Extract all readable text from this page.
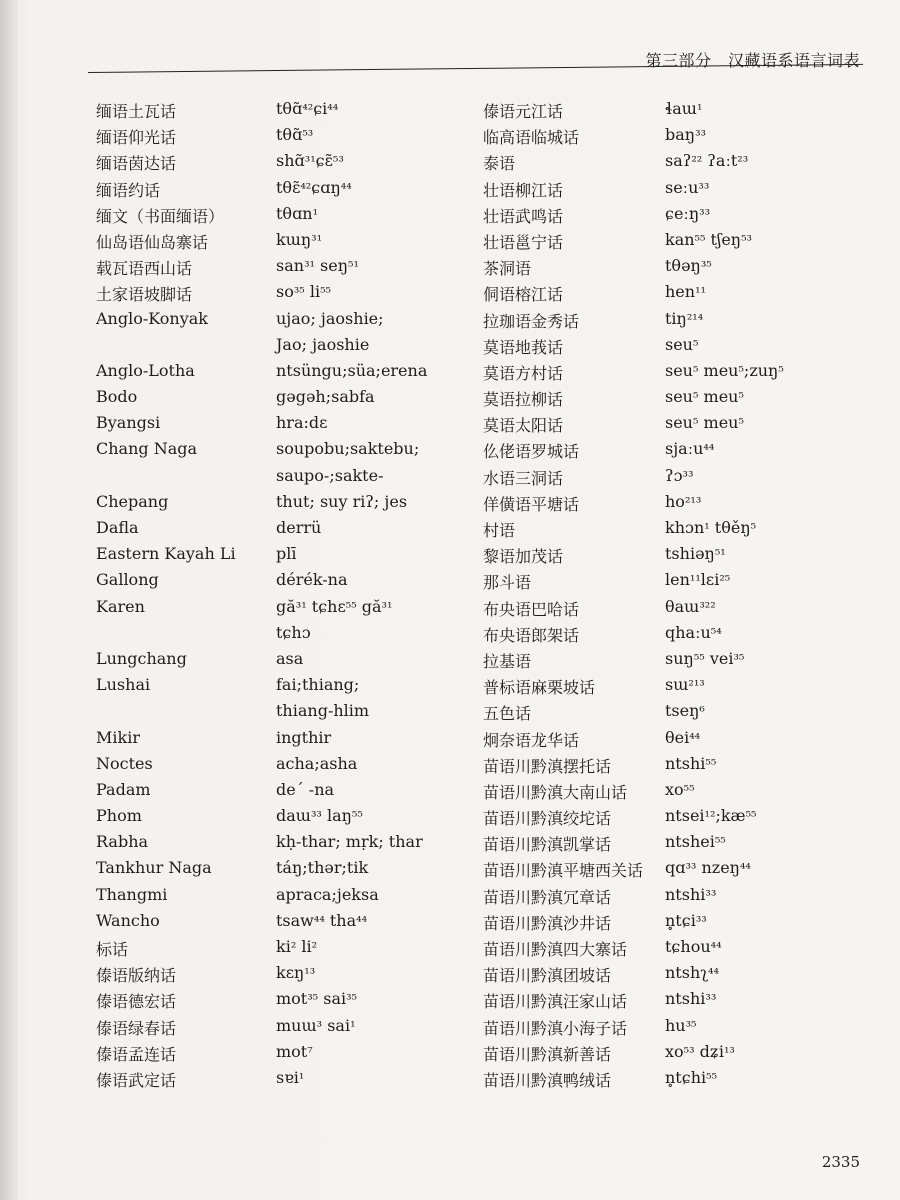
第三部分　汉藏语系语言词表
缅语土瓦话	tθɑ̃⁴²ɕi⁴⁴
缅语仰光话	tθɑ̃⁵³
缅语茵达话	shɑ̃³¹ɕɛ̃⁵³
缅语约话	tθɛ̃⁴²ɕɑŋ⁴⁴
缅文（书面缅语）	tθɑn¹
仙岛语仙岛寨话	kɯŋ³¹
载瓦语西山话	san³¹ seŋ⁵¹
土家语坡脚话	so³⁵ li⁵⁵
Anglo-Konyak	ujao; jaoshie;
Jao; jaoshie
Anglo-Lotha	ntsüngu;süa;erena
Bodo	gəgəh;sabfa
Byangsi	hra:dɛ
Chang Naga	soupobu;saktebu;
saupo-;sakte-
Chepang	thut; suy riʔ; jes
Dafla	derrü
Eastern Kayah Li	plī
Gallong	dérék-na
Karen	gă³¹ tɕhɛ⁵⁵ gă³¹
tɕhɔ
Lungchang	asa
Lushai	fai;thiang;
thiang-hlim
Mikir	ingthir
Noctes	acha;asha
Padam	de´ -na
Phom	daɯ³³ laŋ⁵⁵
Rabha	kḥ-thar; mṛk; thar
Tankhur Naga	táŋ;thər;tik
Thangmi	apraca;jeksa
Wancho	tsaw⁴⁴ tha⁴⁴
标话	ki² li²
傣语版纳话	kɛŋ¹³
傣语德宏话	mot³⁵ sai³⁵
傣语绿春话	muɯ³ sai¹
傣语孟连话	mot⁷
傣语武定话	sɐi¹
傣语元江话	ɬaɯ¹
临高语临城话	baŋ³³
泰语	saʔ²² ʔaːt²³
壮语柳江话	seːu³³
壮语武鸣话	ɕeːŋ³³
壮语邕宁话	kan⁵⁵ tʃeŋ⁵³
茶洞语	tθəŋ³⁵
侗语榕江话	hen¹¹
拉珈语金秀话	tiŋ²¹⁴
莫语地莪话	seu⁵
莫语方村话	seu⁵ meu⁵;zuŋ⁵
莫语拉柳话	seu⁵ meu⁵
莫语太阳话	seu⁵ meu⁵
仫佬语罗城话	sjaːu⁴⁴
水语三洞话	ʔɔ³³
佯僙语平塘话	ho²¹³
村语	khɔn¹ tθěŋ⁵
黎语加茂话	tshiəŋ⁵¹
那斗语	len¹¹lɛi²⁵
布央语巴哈话	θaɯ³²²
布央语郎架话	qhaːu⁵⁴
拉基语	suŋ⁵⁵ vei³⁵
普标语麻栗坡话	sɯ²¹³
五色话	tseŋ⁶
炯奈语龙华话	θei⁴⁴
苗语川黔滇摆托话	ntshi⁵⁵
苗语川黔滇大南山话 xo⁵⁵
苗语川黔滇绞坨话	ntsei¹²;kæ⁵⁵
苗语川黔滇凯掌话	ntshei⁵⁵
苗语川黔滇平塘西关话 qɑ³³ nzeŋ⁴⁴
苗语川黔滇冗章话	ntshi³³
苗语川黔滇沙井话	n̥tɕi³³
苗语川黔滇四大寨话 tɕhou⁴⁴
苗语川黔滇团坡话	ntshʅ⁴⁴
苗语川黔滇汪家山话 ntshi³³
苗语川黔滇小海子话 hu³⁵
苗语川黔滇新善话	xo⁵³ dʑi¹³
苗语川黔滇鸭绒话	n̥tɕhi⁵⁵
2335
